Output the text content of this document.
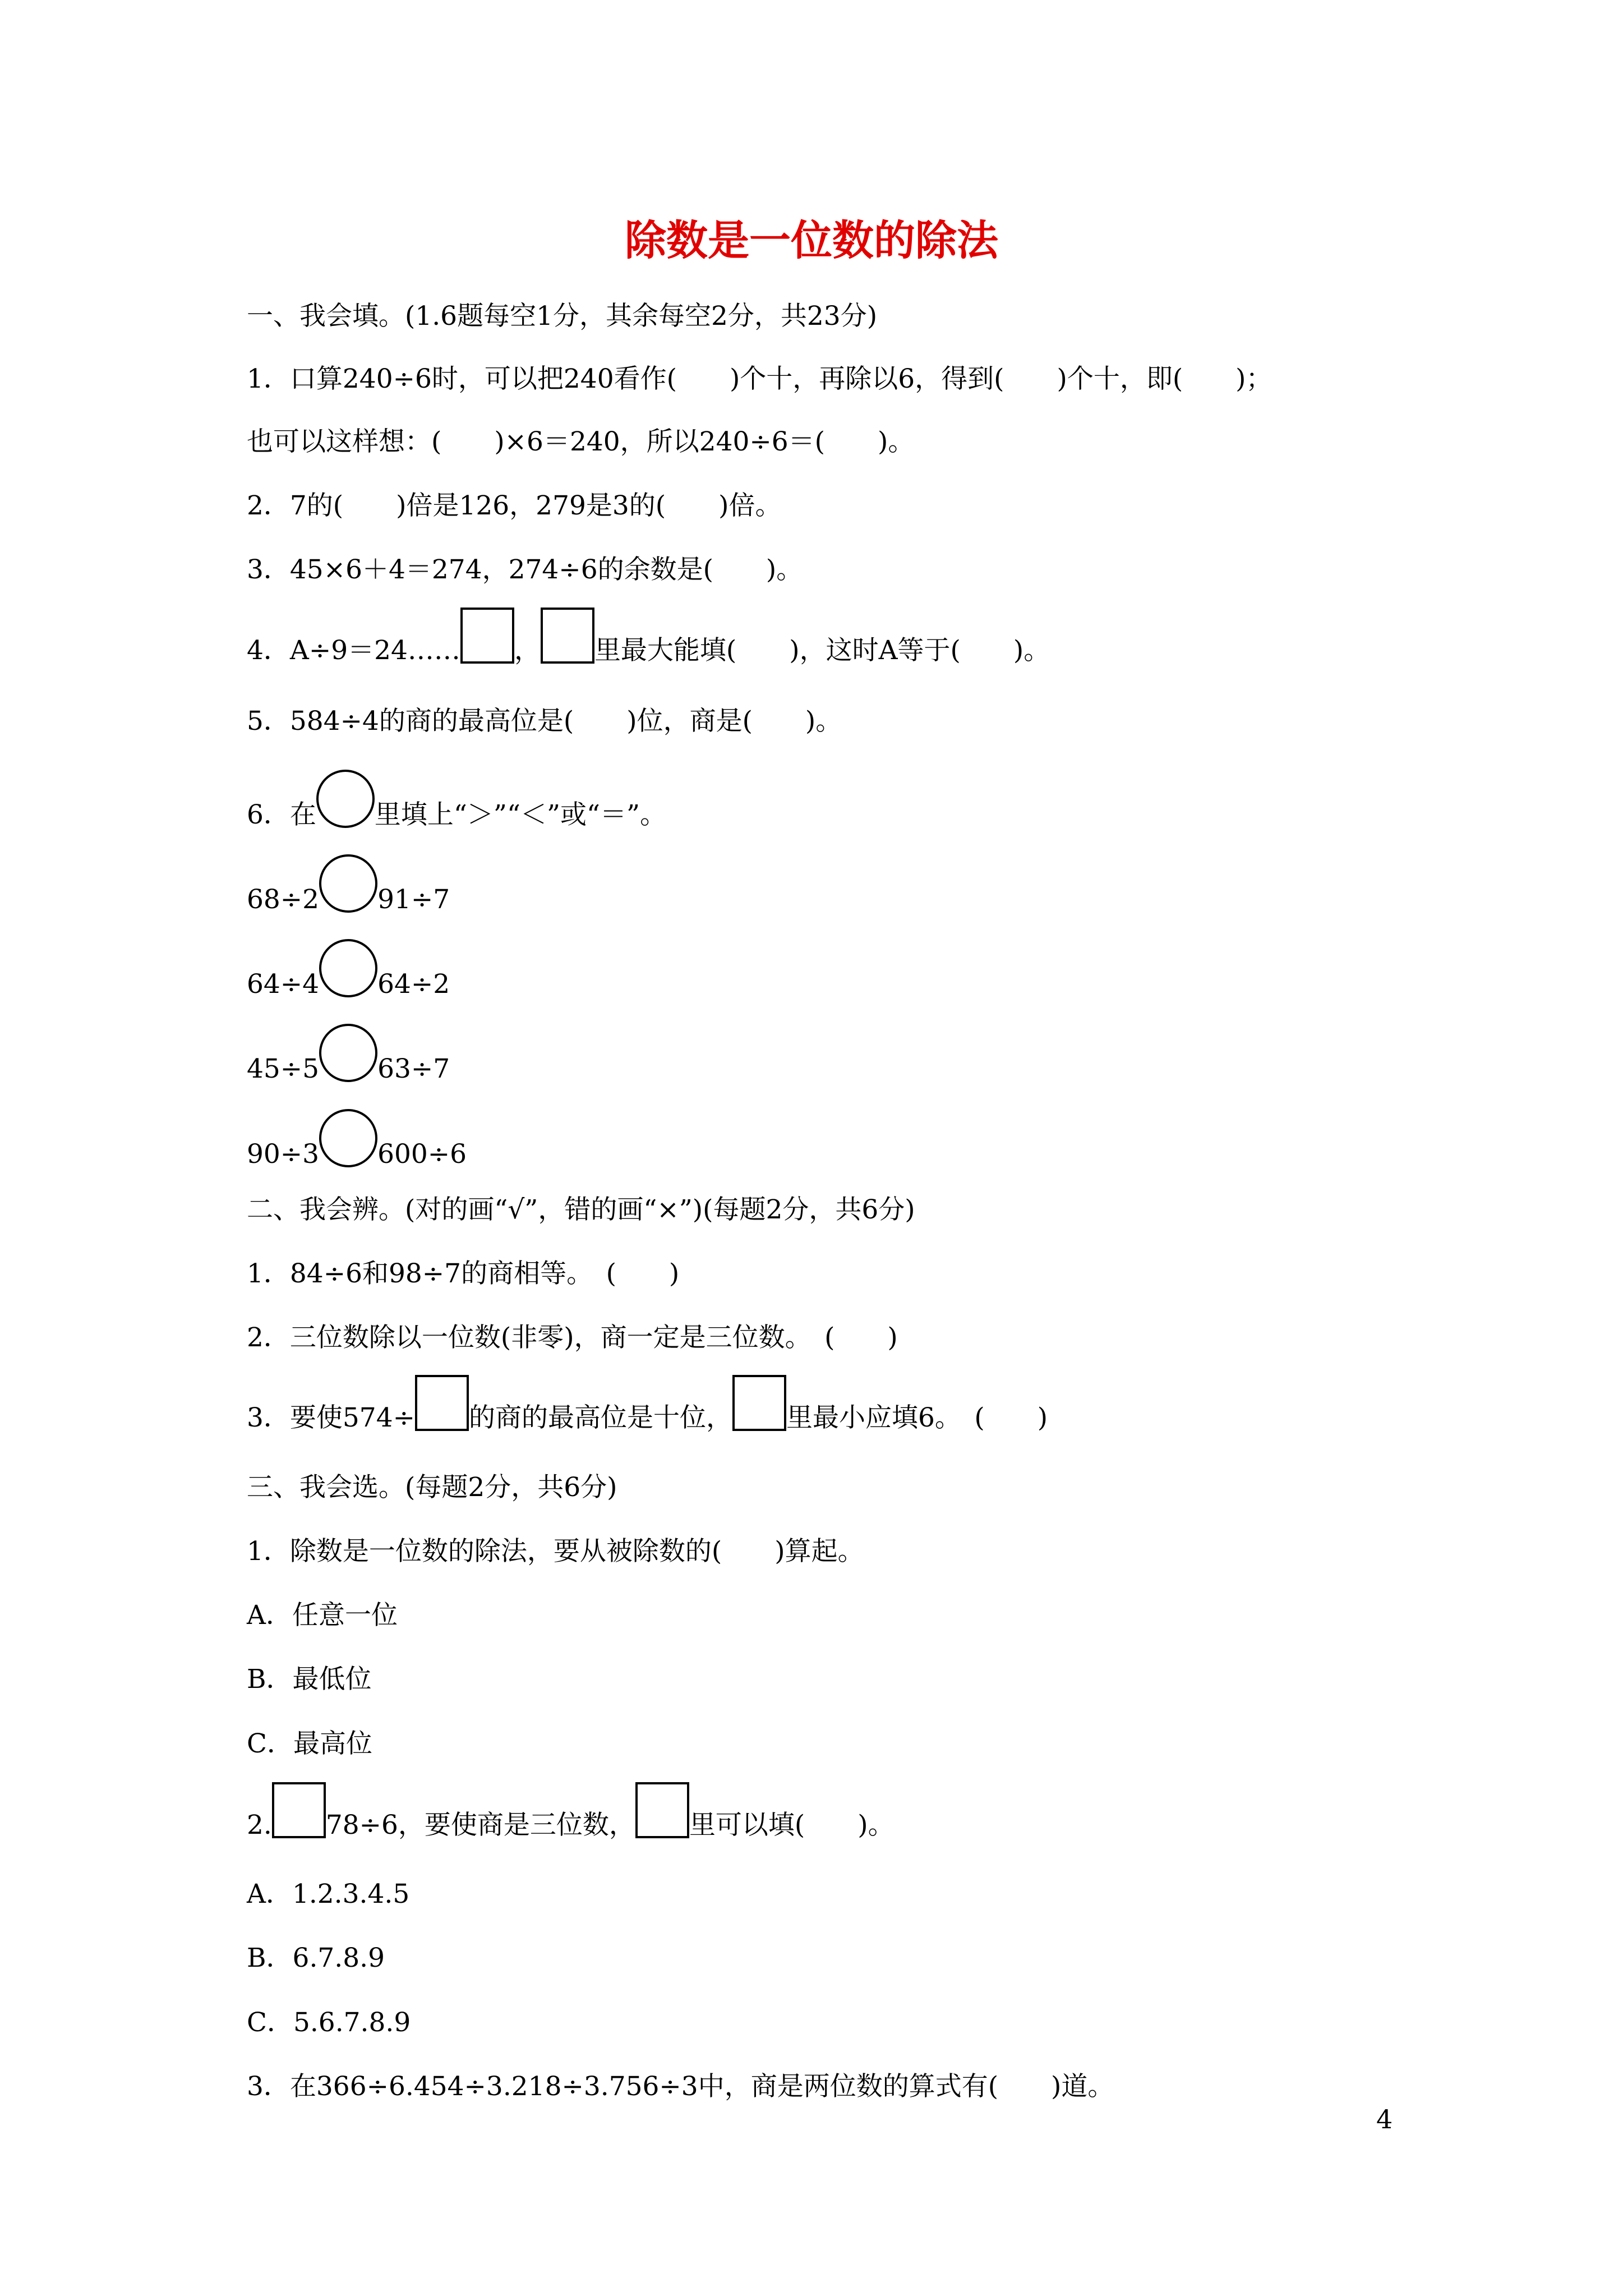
除数是一位数的除法
一、我会填。(1.6题每空1分，其余每空2分，共23分)
1．口算240÷6时，可以把240看作(　　)个十，再除以6，得到(　　)个十，即(　　)；
也可以这样想：(　　)×6＝240，所以240÷6＝(　　)。
2．7的(　　)倍是126，279是3的(　　)倍。
3．45×6＋4＝274，274÷6的余数是(　　)。
4．A÷9＝24…… ， 里最大能填(　　)，这时A等于(　　)。
5．584÷4的商的最高位是(　　)位，商是(　　)。
6．在 里填上“＞”“＜”或“＝”。
68÷2 91÷7
64÷4 64÷2
45÷5 63÷7
90÷3 600÷6
二、我会辨。(对的画“√”，错的画“×”)(每题2分，共6分)
1．84÷6和98÷7的商相等。　(　　)
2．三位数除以一位数(非零)，商一定是三位数。　(　　)
3．要使574÷ 的商的最高位是十位， 里最小应填6。　(　　)
三、我会选。(每题2分，共6分)
1．除数是一位数的除法，要从被除数的(　　)算起。
A．任意一位
B．最低位
C．最高位
2. 78÷6，要使商是三位数， 里可以填(　　)。
A．1.2.3.4.5
B．6.7.8.9
C．5.6.7.8.9
3．在366÷6.454÷3.218÷3.756÷3中，商是两位数的算式有(　　)道。
4
